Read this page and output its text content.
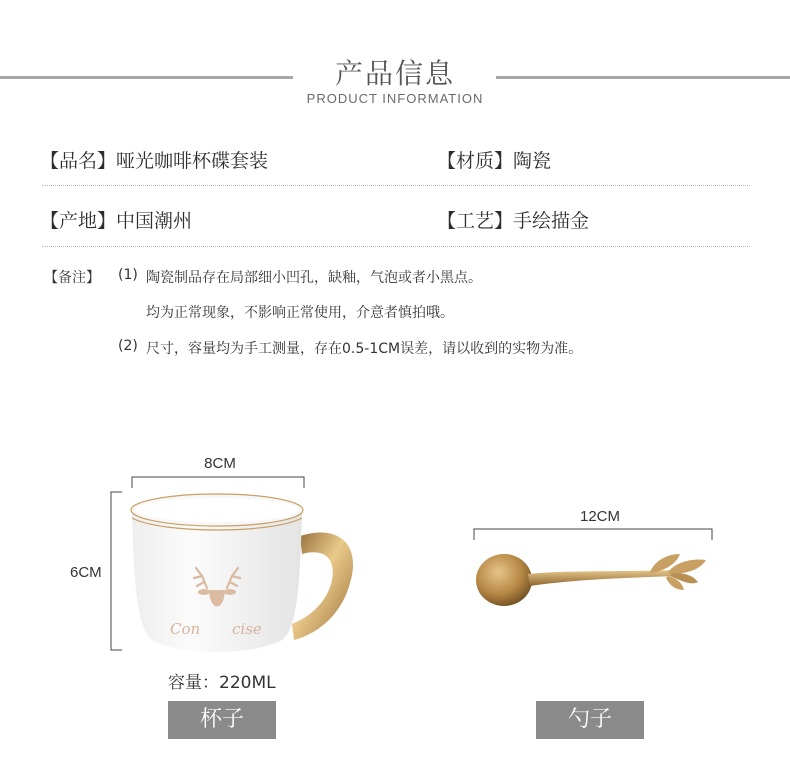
产品信息
PRODUCT INFORMATION
【品名】哑光咖啡杯碟套装	【材质】陶瓷
【产地】中国潮州	【工艺】手绘描金
【备注】 (1) 陶瓷制品存在局部细小凹孔，缺釉，气泡或者小黑点。
均为正常现象，不影响正常使用，介意者慎拍哦。
(2) 尺寸，容量均为手工测量，存在0.5-1CM误差，请以收到的实物为准。
8CM
6CM
Con cise
容量：220ML
杯子
12CM
勺子
